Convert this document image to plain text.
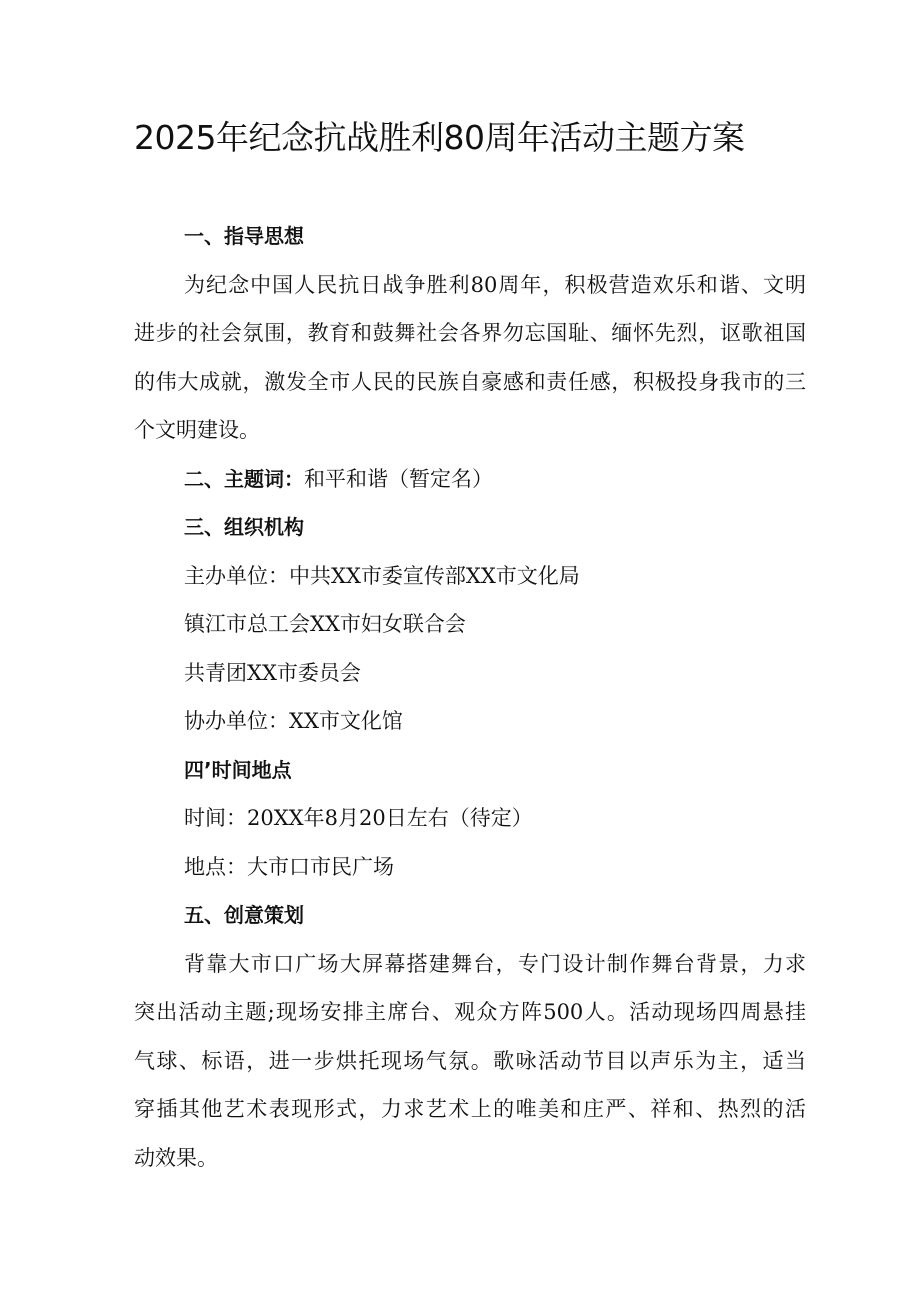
2025年纪念抗战胜利80周年活动主题方案

一、指导思想

为纪念中国人民抗日战争胜利80周年，积极营造欢乐和谐、文明

进步的社会氛围，教育和鼓舞社会各界勿忘国耻、缅怀先烈，讴歌祖国

的伟大成就，激发全市人民的民族自豪感和责任感，积极投身我市的三

个文明建设。

二、主题词：和平和谐（暂定名）

三、组织机构

主办单位：中共XX市委宣传部XX市文化局

镇江市总工会XX市妇女联合会

共青团XX市委员会

协办单位：XX市文化馆

四’时间地点

时间：20XX年8月20日左右（待定）

地点：大市口市民广场

五、创意策划

背靠大市口广场大屏幕搭建舞台，专门设计制作舞台背景，力求

突出活动主题;现场安排主席台、观众方阵500人。活动现场四周悬挂

气球、标语，进一步烘托现场气氛。歌咏活动节目以声乐为主，适当

穿插其他艺术表现形式，力求艺术上的唯美和庄严、祥和、热烈的活

动效果。
